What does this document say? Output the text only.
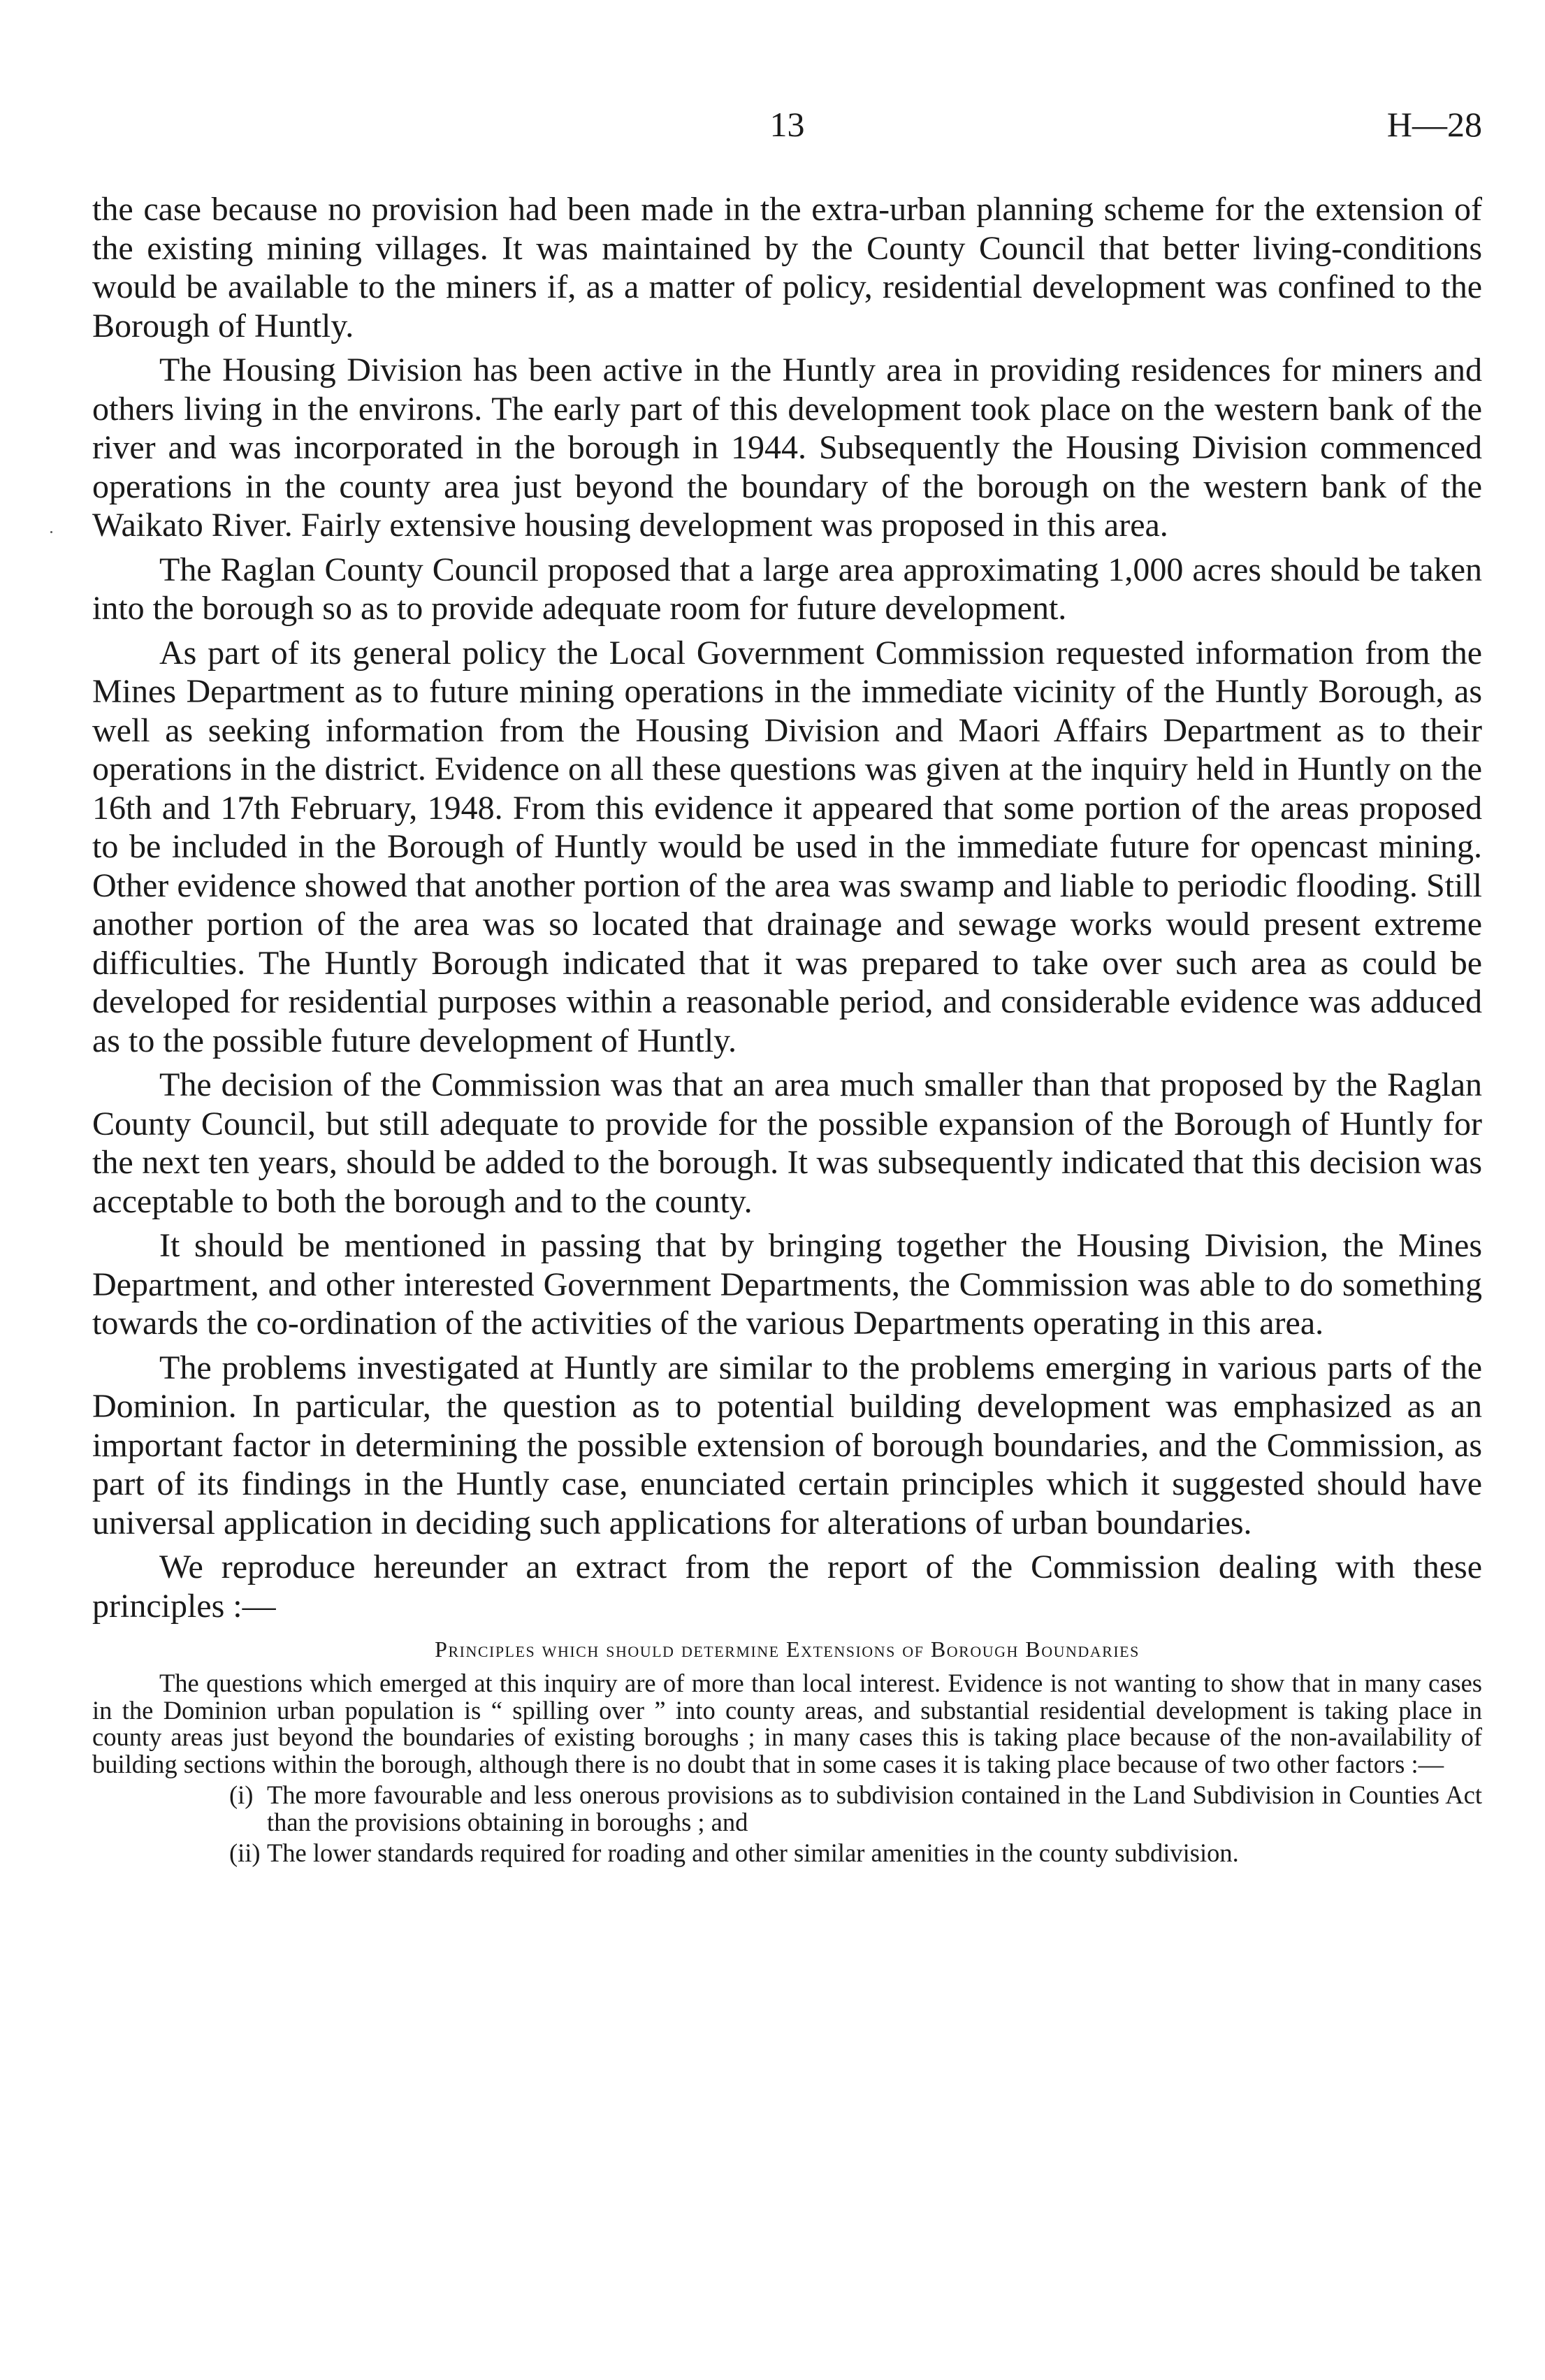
13	H—28

the case because no provision had been made in the extra-urban planning scheme for the extension of the existing mining villages. It was maintained by the County Council that better living-conditions would be available to the miners if, as a matter of policy, residential development was confined to the Borough of Huntly.

The Housing Division has been active in the Huntly area in providing residences for miners and others living in the environs. The early part of this development took place on the western bank of the river and was incorporated in the borough in 1944. Subsequently the Housing Division commenced operations in the county area just beyond the boundary of the borough on the western bank of the Waikato River. Fairly extensive housing development was proposed in this area.

The Raglan County Council proposed that a large area approximating 1,000 acres should be taken into the borough so as to provide adequate room for future development.

As part of its general policy the Local Government Commission requested information from the Mines Department as to future mining operations in the immediate vicinity of the Huntly Borough, as well as seeking information from the Housing Division and Maori Affairs Department as to their operations in the district. Evidence on all these questions was given at the inquiry held in Huntly on the 16th and 17th February, 1948. From this evidence it appeared that some portion of the areas proposed to be included in the Borough of Huntly would be used in the immediate future for opencast mining. Other evidence showed that another portion of the area was swamp and liable to periodic flooding. Still another portion of the area was so located that drainage and sewage works would present extreme difficulties. The Huntly Borough indicated that it was prepared to take over such area as could be developed for residential purposes within a reasonable period, and considerable evidence was adduced as to the possible future development of Huntly.

The decision of the Commission was that an area much smaller than that proposed by the Raglan County Council, but still adequate to provide for the possible expansion of the Borough of Huntly for the next ten years, should be added to the borough. It was subsequently indicated that this decision was acceptable to both the borough and to the county.

It should be mentioned in passing that by bringing together the Housing Division, the Mines Department, and other interested Government Departments, the Commission was able to do something towards the co-ordination of the activities of the various Departments operating in this area.

The problems investigated at Huntly are similar to the problems emerging in various parts of the Dominion. In particular, the question as to potential building development was emphasized as an important factor in determining the possible extension of borough boundaries, and the Commission, as part of its findings in the Huntly case, enunciated certain principles which it suggested should have universal application in deciding such applications for alterations of urban boundaries.

We reproduce hereunder an extract from the report of the Commission dealing with these principles :—

Principles which should determine Extensions of Borough Boundaries

The questions which emerged at this inquiry are of more than local interest. Evidence is not wanting to show that in many cases in the Dominion urban population is “ spilling over ” into county areas, and substantial residential development is taking place in county areas just beyond the boundaries of existing boroughs ; in many cases this is taking place because of the non-availability of building sections within the borough, although there is no doubt that in some cases it is taking place because of two other factors :—

(i) The more favourable and less onerous provisions as to subdivision contained in the Land Subdivision in Counties Act than the provisions obtaining in boroughs ; and
(ii) The lower standards required for roading and other similar amenities in the county subdivision.
